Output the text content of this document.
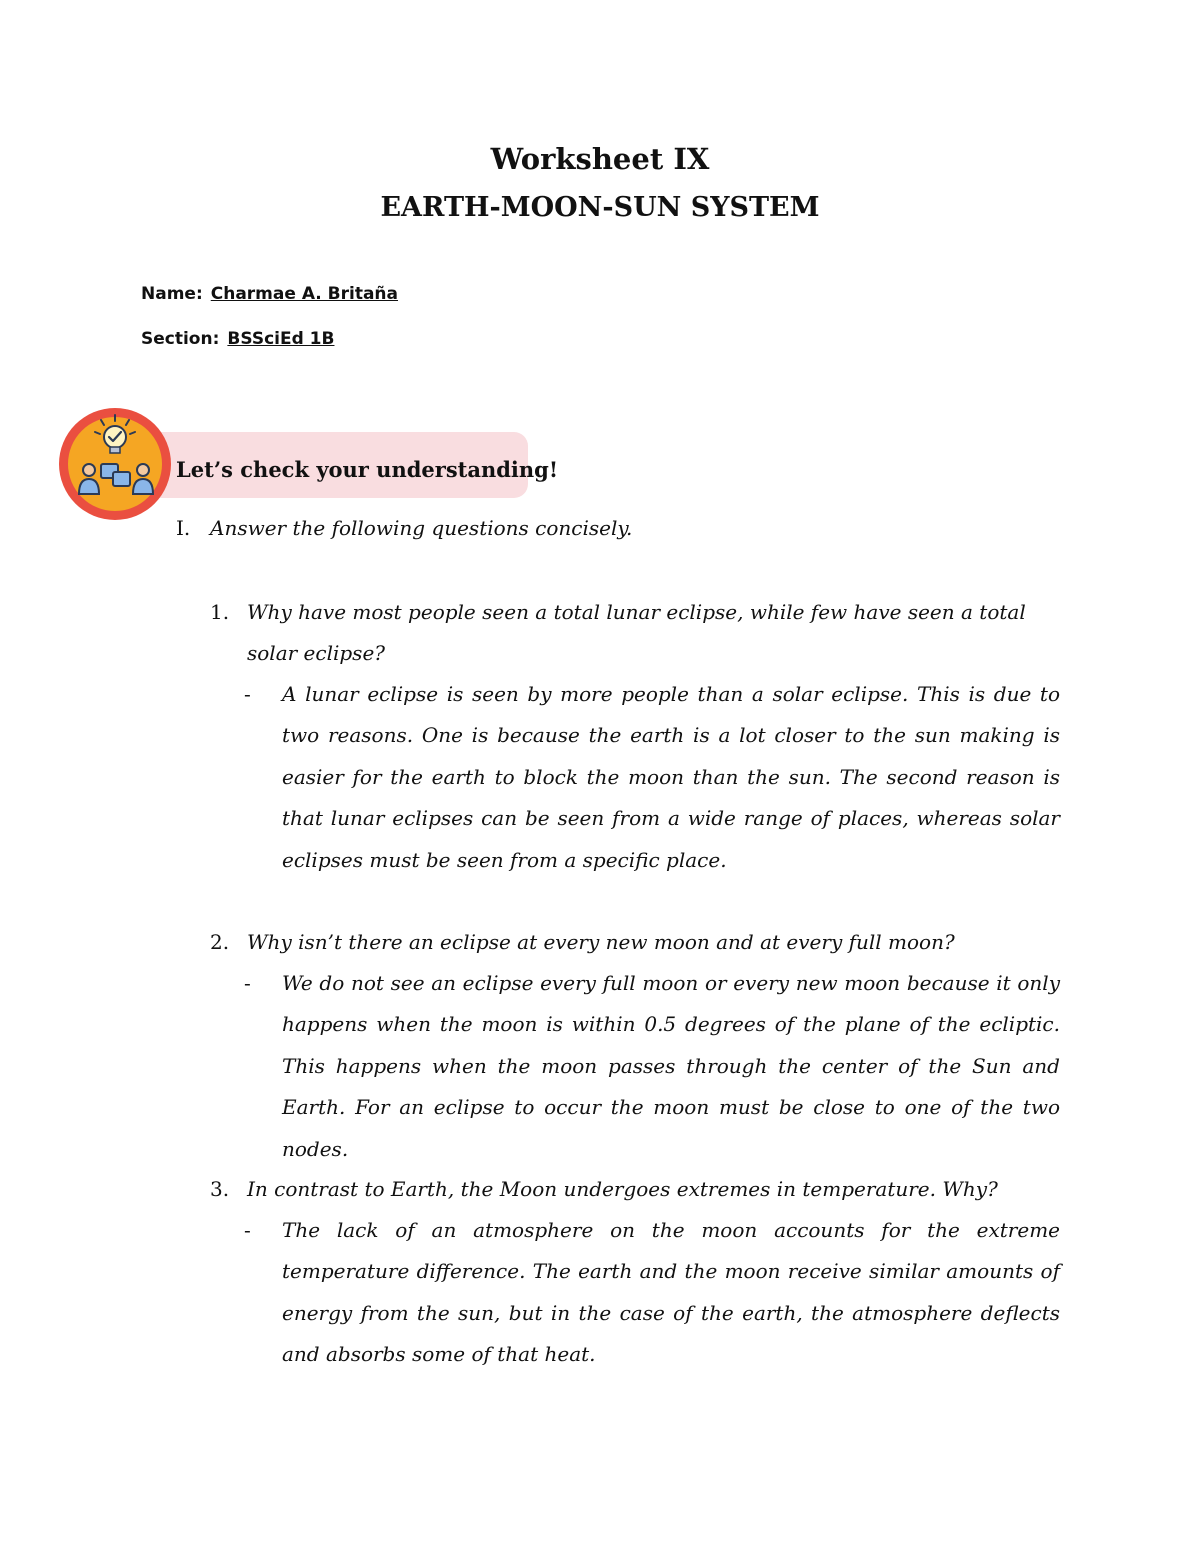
Worksheet IX
EARTH-MOON-SUN SYSTEM
Name: Charmae A. Britaña
Section: BSSciEd 1B
Let’s check your understanding!
I. Answer the following questions concisely.
1. Why have most people seen a total lunar eclipse, while few have seen a total solar eclipse?
- A lunar eclipse is seen by more people than a solar eclipse. This is due to two reasons. One is because the earth is a lot closer to the sun making is easier for the earth to block the moon than the sun. The second reason is that lunar eclipses can be seen from a wide range of places, whereas solar eclipses must be seen from a specific place.
2. Why isn’t there an eclipse at every new moon and at every full moon?
- We do not see an eclipse every full moon or every new moon because it only happens when the moon is within 0.5 degrees of the plane of the ecliptic. This happens when the moon passes through the center of the Sun and Earth. For an eclipse to occur the moon must be close to one of the two nodes.
3. In contrast to Earth, the Moon undergoes extremes in temperature. Why?
- The lack of an atmosphere on the moon accounts for the extreme temperature difference. The earth and the moon receive similar amounts of energy from the sun, but in the case of the earth, the atmosphere deflects and absorbs some of that heat.
